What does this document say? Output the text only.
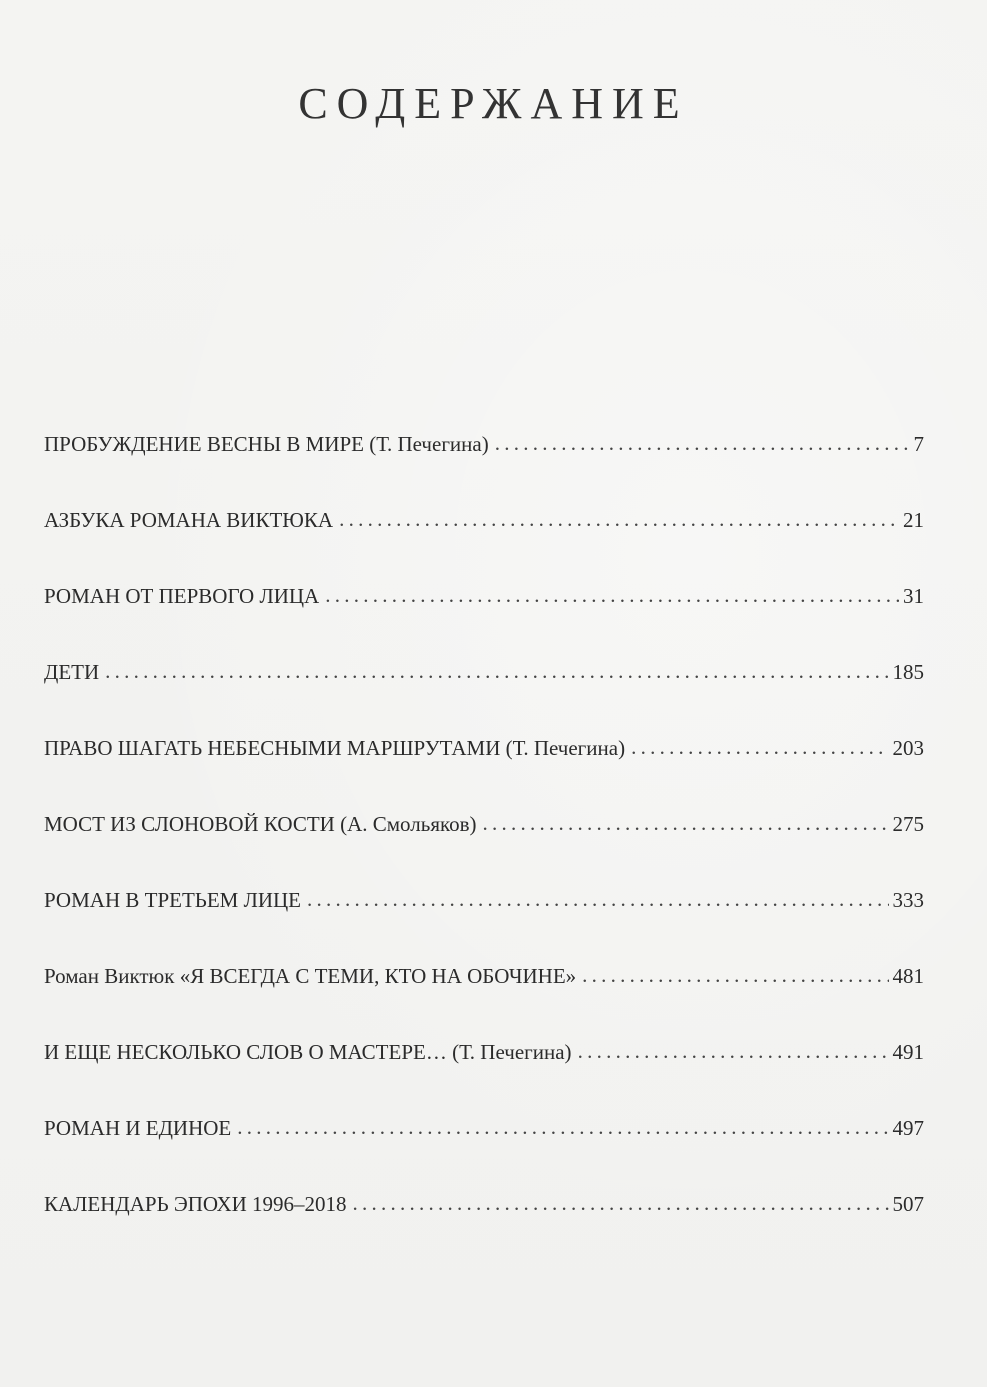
СОДЕРЖАНИЕ
ПРОБУЖДЕНИЕ ВЕСНЫ В МИРЕ (Т. Печегина) . . .	7
АЗБУКА РОМАНА ВИКТЮКА . . .	21
РОМАН ОТ ПЕРВОГО ЛИЦА . . .	31
ДЕТИ . . .	185
ПРАВО ШАГАТЬ НЕБЕСНЫМИ МАРШРУТАМИ (Т. Печегина) . . .	203
МОСТ ИЗ СЛОНОВОЙ КОСТИ (А. Смольяков) . . .	275
РОМАН В ТРЕТЬЕМ ЛИЦЕ . . .	333
Роман Виктюк «Я ВСЕГДА С ТЕМИ, КТО НА ОБОЧИНЕ» . . .	481
И ЕЩЕ НЕСКОЛЬКО СЛОВ О МАСТЕРЕ… (Т. Печегина) . . .	491
РОМАН И ЕДИНОЕ . . .	497
КАЛЕНДАРЬ ЭПОХИ 1996–2018 . . .	507
